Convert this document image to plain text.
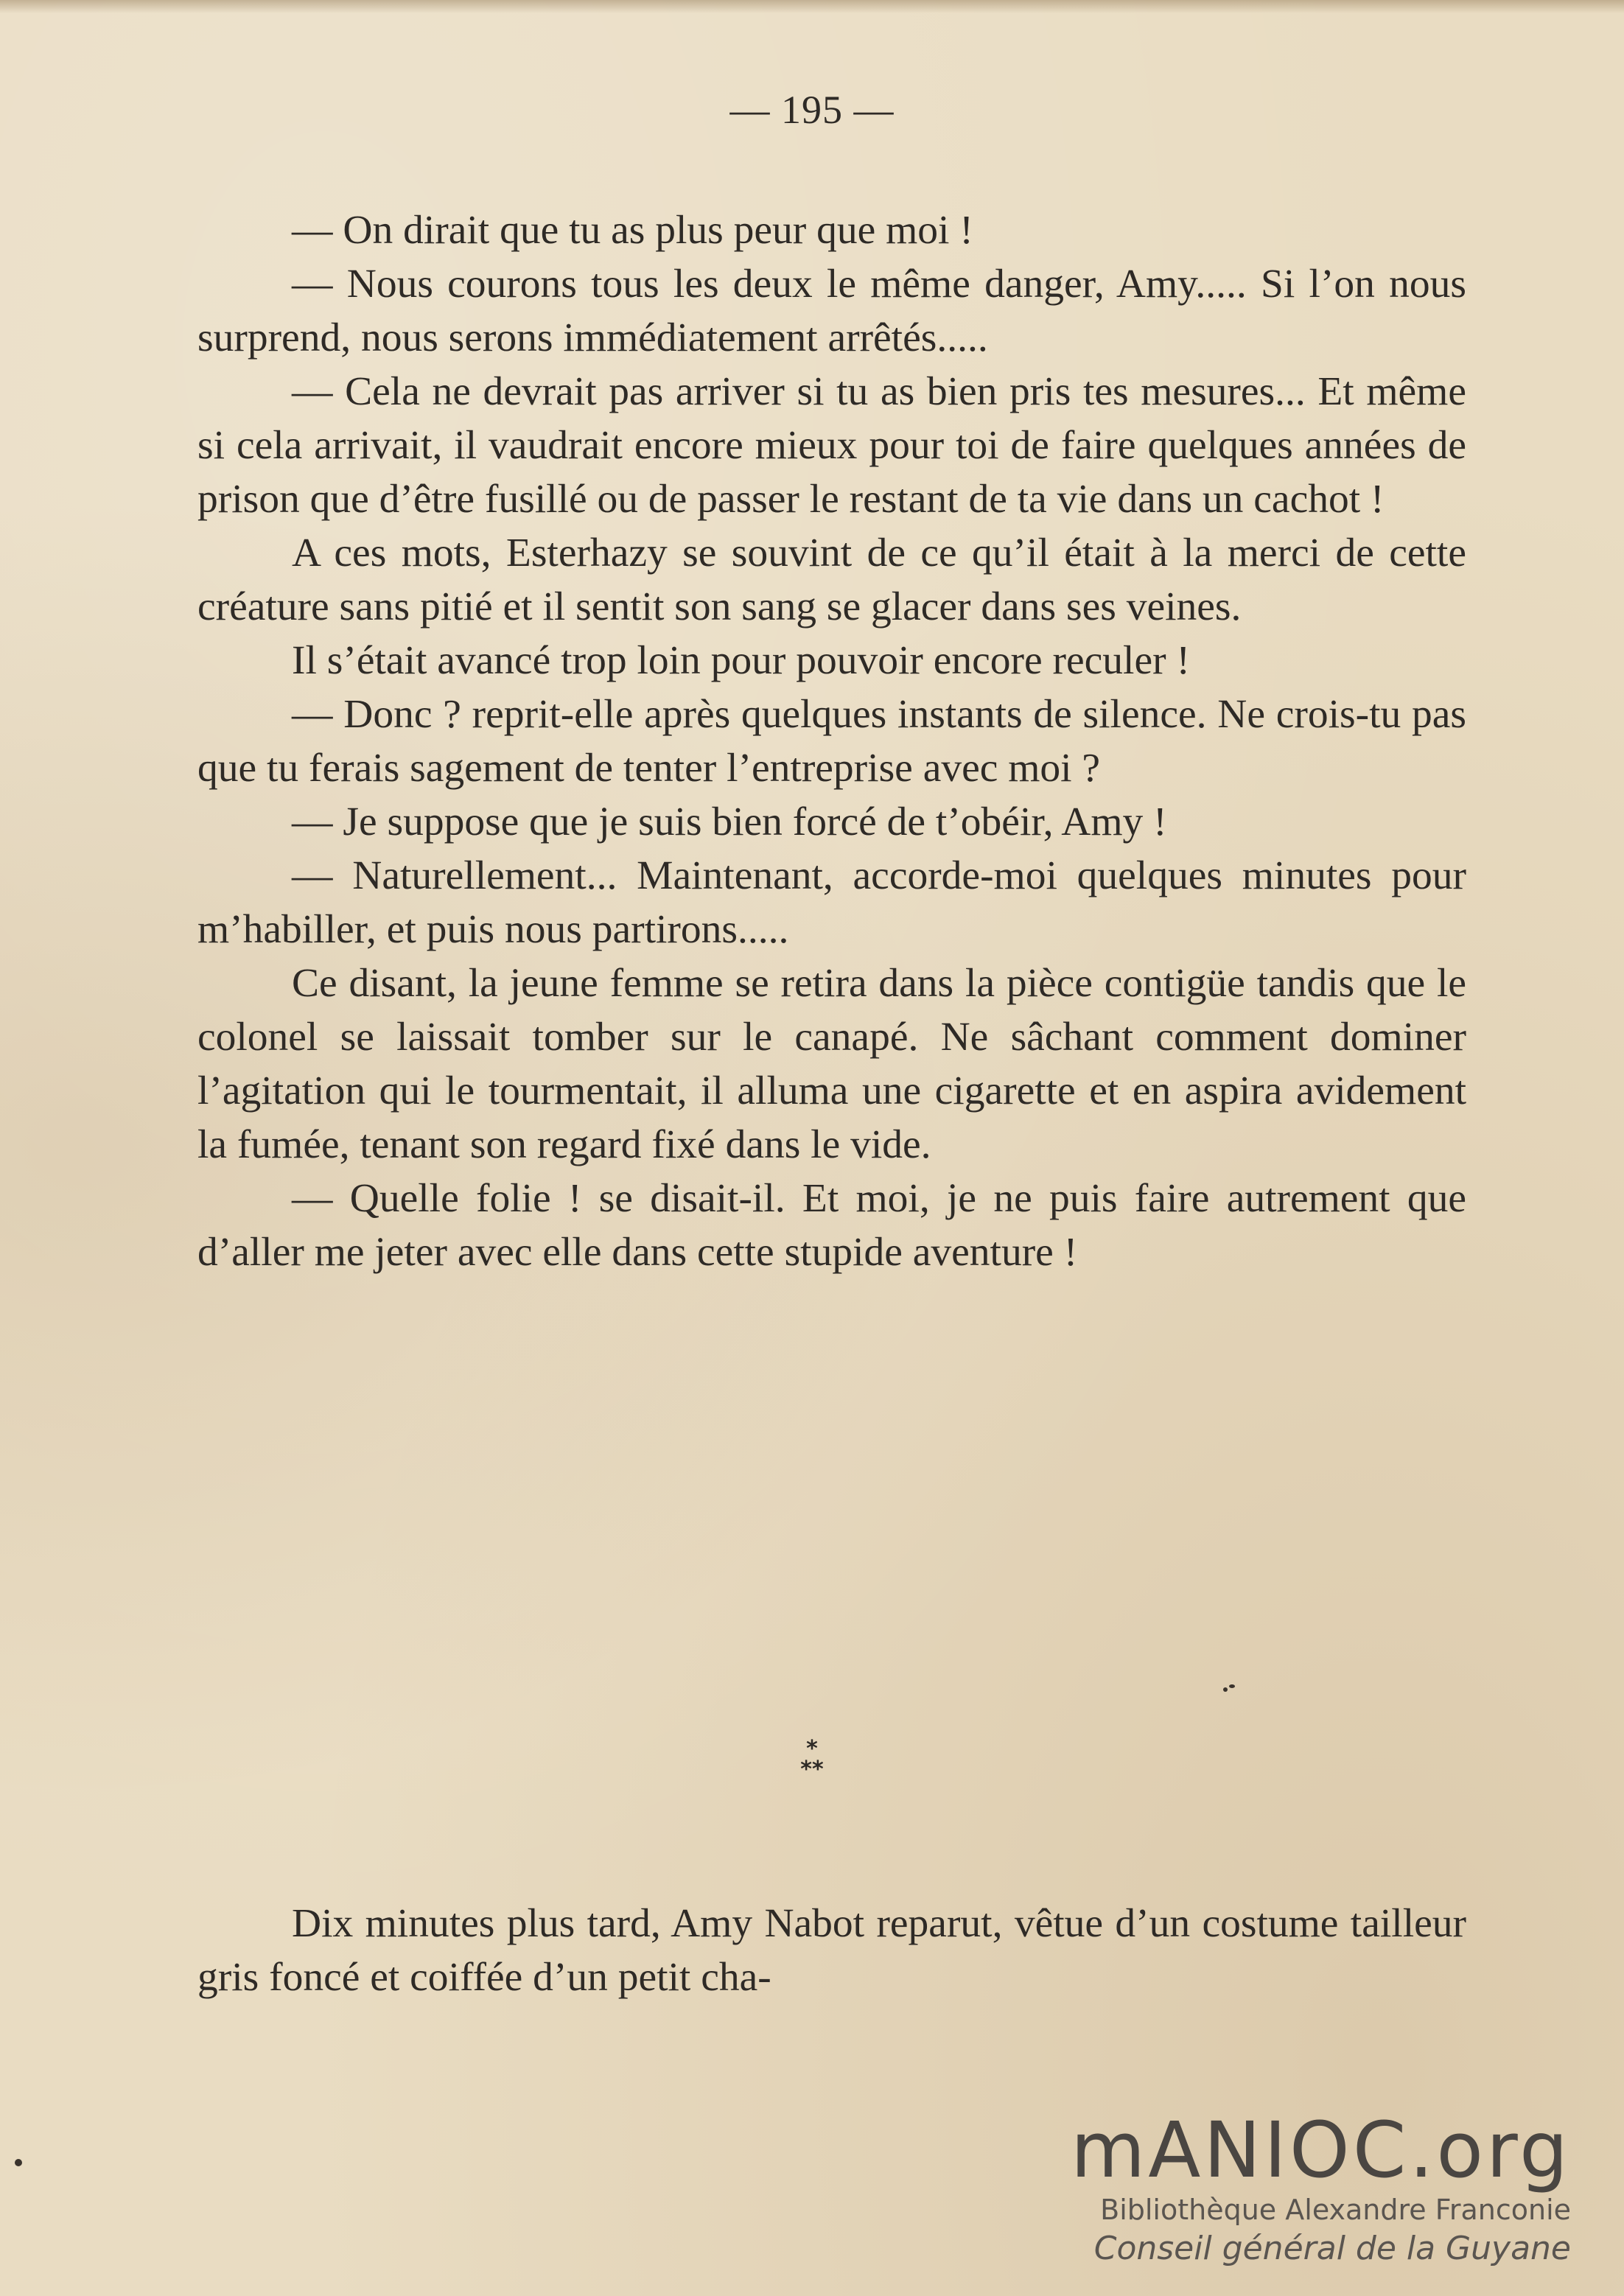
— 195 —

— On dirait que tu as plus peur que moi !

— Nous courons tous les deux le même danger, Amy..... Si l’on nous surprend, nous serons immédiatement arrêtés.....

— Cela ne devrait pas arriver si tu as bien pris tes mesures... Et même si cela arrivait, il vaudrait encore mieux pour toi de faire quelques années de prison que d’être fusillé ou de passer le restant de ta vie dans un cachot !

A ces mots, Esterhazy se souvint de ce qu’il était à la merci de cette créature sans pitié et il sentit son sang se glacer dans ses veines.

Il s’était avancé trop loin pour pouvoir encore reculer !

— Donc ? reprit-elle après quelques instants de silence. Ne crois-tu pas que tu ferais sagement de tenter l’entreprise avec moi ?

— Je suppose que je suis bien forcé de t’obéir, Amy !

— Naturellement... Maintenant, accorde-moi quelques minutes pour m’habiller, et puis nous partirons.....

Ce disant, la jeune femme se retira dans la pièce contigüe tandis que le colonel se laissait tomber sur le canapé. Ne sâchant comment dominer l’agitation qui le tourmentait, il alluma une cigarette et en aspira avidement la fumée, tenant son regard fixé dans le vide.

— Quelle folie ! se disait-il. Et moi, je ne puis faire autrement que d’aller me jeter avec elle dans cette stupide aventure !

*
**

Dix minutes plus tard, Amy Nabot reparut, vêtue d’un costume tailleur gris foncé et coiffée d’un petit cha-

mANIOC.org
Bibliothèque Alexandre Franconie
Conseil général de la Guyane
